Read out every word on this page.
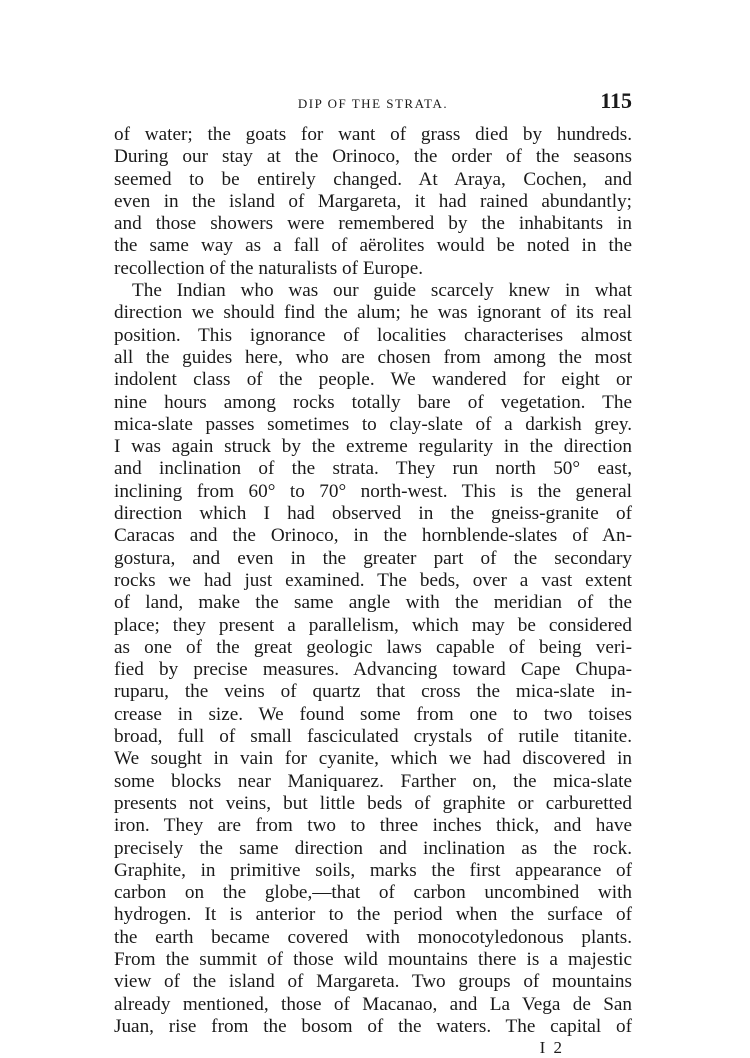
DIP OF THE STRATA.	115
of water; the goats for want of grass died by hundreds.
During our stay at the Orinoco, the order of the seasons
seemed to be entirely changed. At Araya, Cochen, and
even in the island of Margareta, it had rained abundantly;
and those showers were remembered by the inhabitants in
the same way as a fall of aërolites would be noted in the
recollection of the naturalists of Europe.
The Indian who was our guide scarcely knew in what
direction we should find the alum; he was ignorant of its real
position. This ignorance of localities characterises almost
all the guides here, who are chosen from among the most
indolent class of the people. We wandered for eight or
nine hours among rocks totally bare of vegetation. The
mica-slate passes sometimes to clay-slate of a darkish grey.
I was again struck by the extreme regularity in the direction
and inclination of the strata. They run north 50° east,
inclining from 60° to 70° north-west. This is the general
direction which I had observed in the gneiss-granite of
Caracas and the Orinoco, in the hornblende-slates of An-
gostura, and even in the greater part of the secondary
rocks we had just examined. The beds, over a vast extent
of land, make the same angle with the meridian of the
place; they present a parallelism, which may be considered
as one of the great geologic laws capable of being veri-
fied by precise measures. Advancing toward Cape Chupa-
ruparu, the veins of quartz that cross the mica-slate in-
crease in size. We found some from one to two toises
broad, full of small fasciculated crystals of rutile titanite.
We sought in vain for cyanite, which we had discovered in
some blocks near Maniquarez. Farther on, the mica-slate
presents not veins, but little beds of graphite or carburetted
iron. They are from two to three inches thick, and have
precisely the same direction and inclination as the rock.
Graphite, in primitive soils, marks the first appearance of
carbon on the globe,—that of carbon uncombined with
hydrogen. It is anterior to the period when the surface of
the earth became covered with monocotyledonous plants.
From the summit of those wild mountains there is a majestic
view of the island of Margareta. Two groups of mountains
already mentioned, those of Macanao, and La Vega de San
Juan, rise from the bosom of the waters. The capital of
I 2
